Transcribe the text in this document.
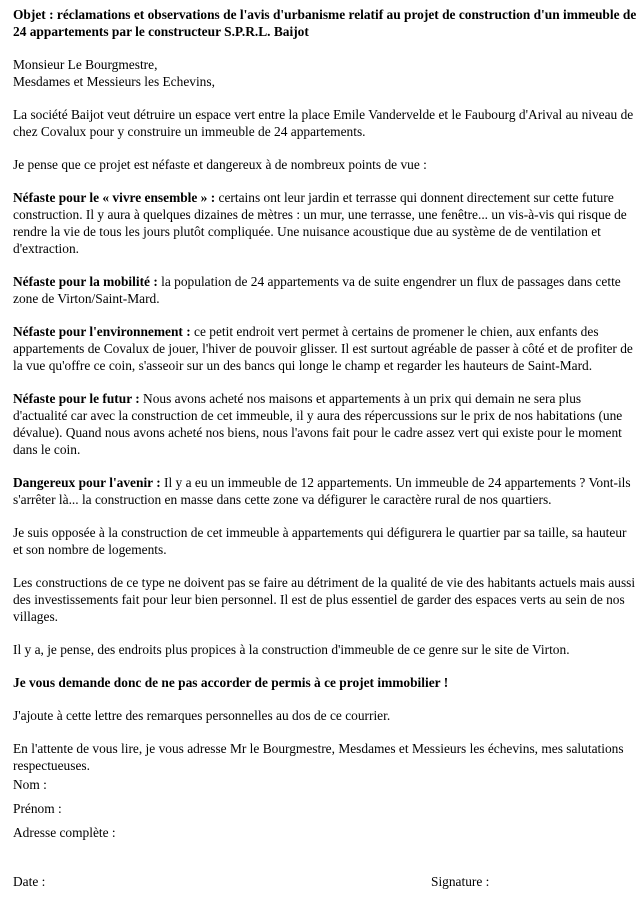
Objet : réclamations et observations de l'avis d'urbanisme relatif au projet de construction d'un immeuble de 24 appartements par le constructeur S.P.R.L. Baijot

Monsieur Le Bourgmestre,
Mesdames et Messieurs les Echevins,

La société Baijot veut détruire un espace vert entre la place Emile Vandervelde et le Faubourg d'Arival au niveau de chez Covalux pour y construire un immeuble de 24 appartements.

Je pense que ce projet est néfaste et dangereux à de nombreux points de vue :

Néfaste pour le « vivre ensemble » : certains ont leur jardin et terrasse qui donnent directement sur cette future construction. Il y aura à quelques dizaines de mètres : un mur, une terrasse, une fenêtre... un vis-à-vis qui risque de rendre la vie de tous les jours plutôt compliquée. Une nuisance acoustique due au système de de ventilation et d'extraction.

Néfaste pour la mobilité : la population de 24 appartements va de suite engendrer un flux de passages dans cette zone de Virton/Saint-Mard.

Néfaste pour l'environnement : ce petit endroit vert permet à certains de promener le chien, aux enfants des appartements de Covalux de jouer, l'hiver de pouvoir glisser. Il est surtout agréable de passer à côté et de profiter de la vue qu'offre ce coin, s'asseoir sur un des bancs qui longe le champ et regarder les hauteurs de Saint-Mard.

Néfaste pour le futur : Nous avons acheté nos maisons et appartements à un prix qui demain ne sera plus d'actualité car avec la construction de cet immeuble, il y aura des répercussions sur le prix de nos habitations (une dévalue). Quand nous avons acheté nos biens, nous l'avons fait pour le cadre assez vert qui existe pour le moment dans le coin.

Dangereux pour l'avenir : Il y a eu un immeuble de 12 appartements. Un immeuble de 24 appartements ? Vont-ils s'arrêter là... la construction en masse dans cette zone va défigurer le caractère rural de nos quartiers.

Je suis opposée à la construction de cet immeuble à appartements qui défigurera le quartier par sa taille, sa hauteur et son nombre de logements.

Les constructions de ce type ne doivent pas se faire au détriment de la qualité de vie des habitants actuels mais aussi des investissements fait pour leur bien personnel. Il est de plus essentiel de garder des espaces verts au sein de nos villages.

Il y a, je pense, des endroits plus propices à la construction d'immeuble de ce genre sur le site de Virton.

Je vous demande donc de ne pas accorder de permis à ce projet immobilier !

J'ajoute à cette lettre des remarques personnelles au dos de ce courrier.

En l'attente de vous lire, je vous adresse Mr le Bourgmestre, Mesdames et Messieurs les échevins, mes salutations respectueuses.

Nom :
Prénom :
Adresse complète :
Date :	Signature :
